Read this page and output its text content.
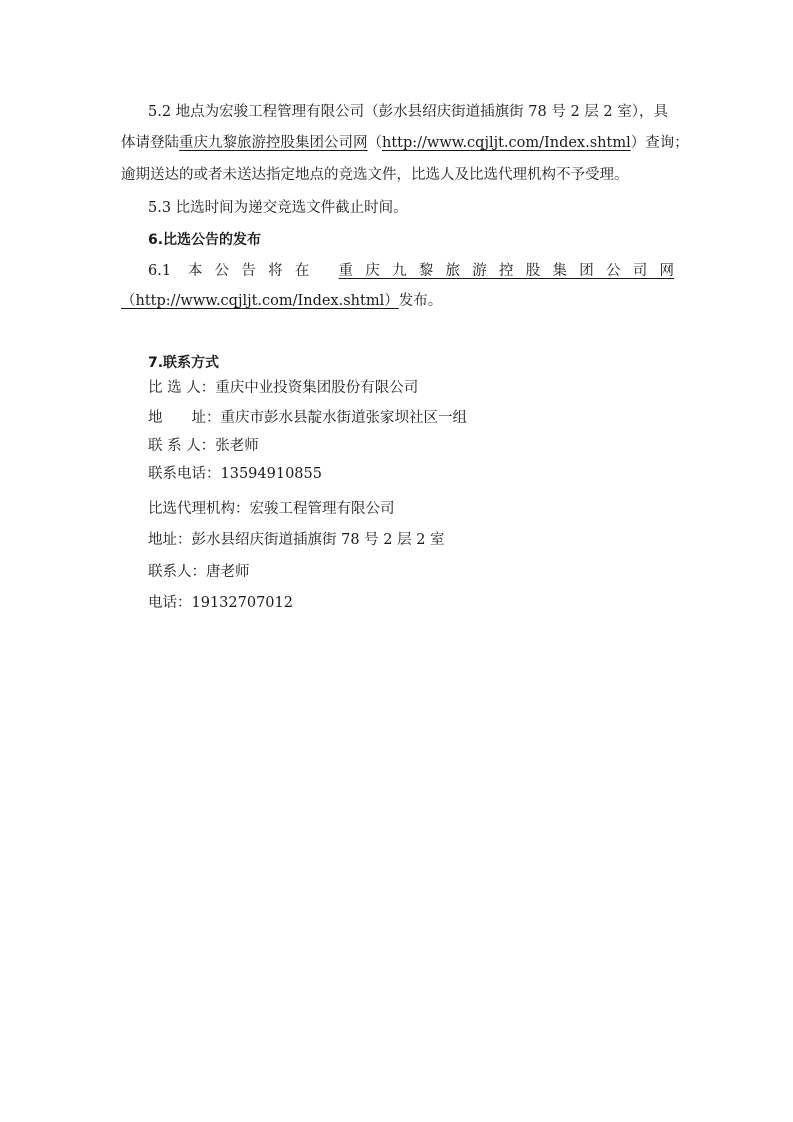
5.2 地点为宏骏工程管理有限公司（彭水县绍庆街道插旗街 78 号 2 层 2 室），具
体请登陆重庆九黎旅游控股集团公司网（http://www.cqjljt.com/Index.shtml）查询；
逾期送达的或者未送达指定地点的竞选文件，比选人及比选代理机构不予受理。
5.3 比选时间为递交竞选文件截止时间。
6.比选公告的发布
6.1 本公告将在 重庆九黎旅游控股集团公司网
（http://www.cqjljt.com/Index.shtml）发布。
7.联系方式
比 选 人：重庆中业投资集团股份有限公司
地　　址：重庆市彭水县靛水街道张家坝社区一组
联 系 人：张老师
联系电话：13594910855
比选代理机构：宏骏工程管理有限公司
地址：彭水县绍庆街道插旗街 78 号 2 层 2 室
联系人：唐老师
电话：19132707012
